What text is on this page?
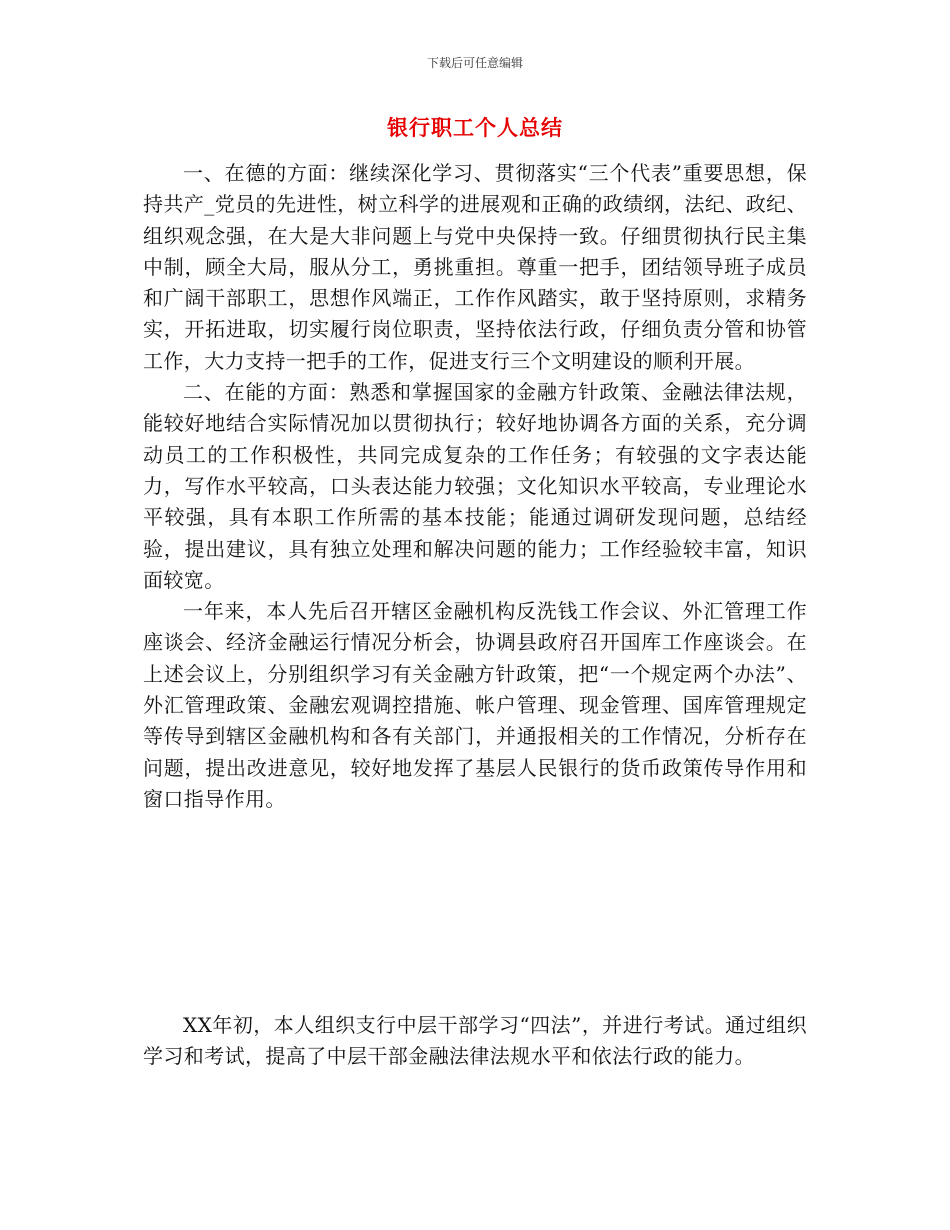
下载后可任意编辑
银行职工个人总结

一、在德的方面：继续深化学习、贯彻落实“三个代表”重要思想，保持共产_党员的先进性，树立科学的进展观和正确的政绩纲，法纪、政纪、组织观念强，在大是大非问题上与党中央保持一致。仔细贯彻执行民主集中制，顾全大局，服从分工，勇挑重担。尊重一把手，团结领导班子成员和广阔干部职工，思想作风端正，工作作风踏实，敢于坚持原则，求精务实，开拓进取，切实履行岗位职责，坚持依法行政，仔细负责分管和协管工作，大力支持一把手的工作，促进支行三个文明建设的顺利开展。

二、在能的方面：熟悉和掌握国家的金融方针政策、金融法律法规，能较好地结合实际情况加以贯彻执行；较好地协调各方面的关系，充分调动员工的工作积极性，共同完成复杂的工作任务；有较强的文字表达能力，写作水平较高，口头表达能力较强；文化知识水平较高，专业理论水平较强，具有本职工作所需的基本技能；能通过调研发现问题，总结经验，提出建议，具有独立处理和解决问题的能力；工作经验较丰富，知识面较宽。

一年来，本人先后召开辖区金融机构反洗钱工作会议、外汇管理工作座谈会、经济金融运行情况分析会，协调县政府召开国库工作座谈会。在上述会议上，分别组织学习有关金融方针政策，把“一个规定两个办法”、外汇管理政策、金融宏观调控措施、帐户管理、现金管理、国库管理规定等传导到辖区金融机构和各有关部门，并通报相关的工作情况，分析存在问题，提出改进意见，较好地发挥了基层人民银行的货币政策传导作用和窗口指导作用。

XX年初，本人组织支行中层干部学习“四法”，并进行考试。通过组织学习和考试，提高了中层干部金融法律法规水平和依法行政的能力。
